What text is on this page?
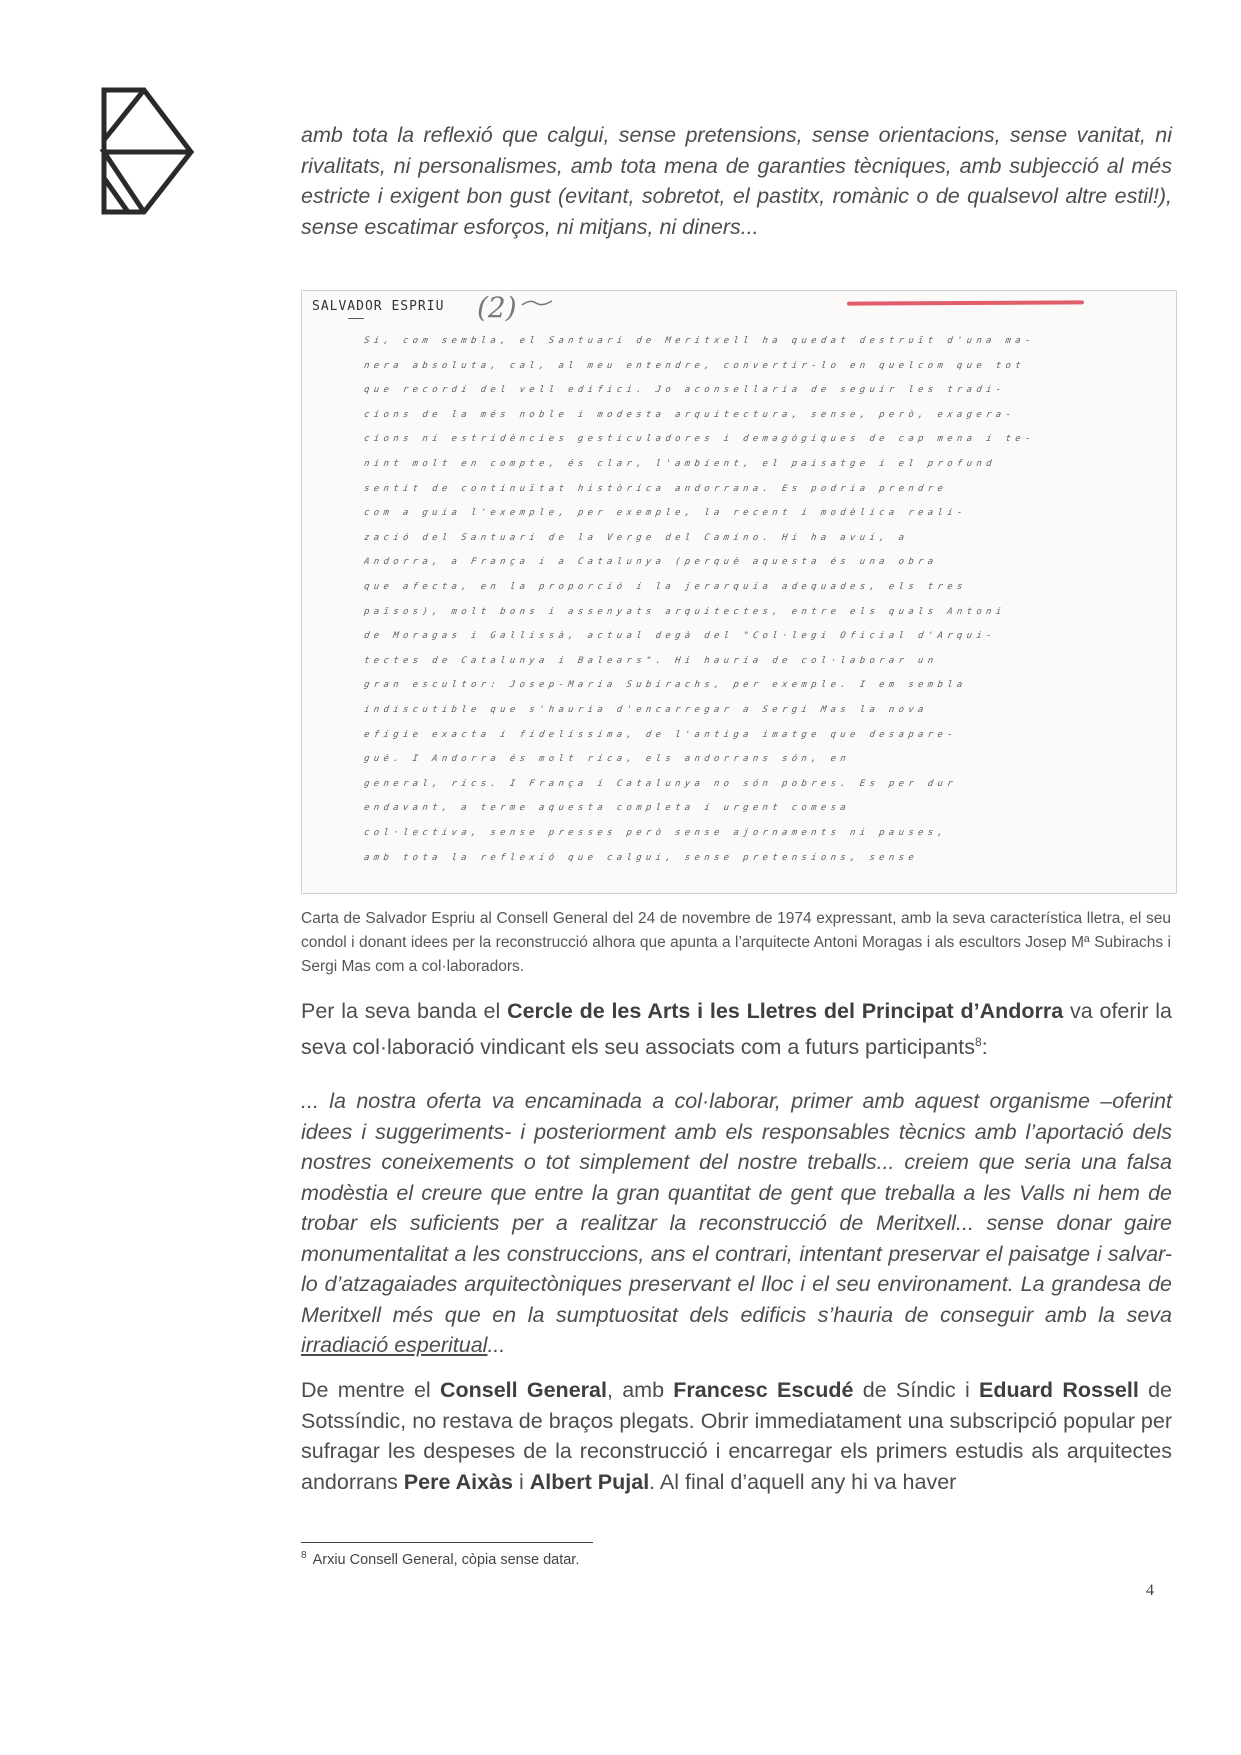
amb tota la reflexió que calgui, sense pretensions, sense orientacions, sense vanitat, ni rivalitats, ni personalismes, amb tota mena de garanties tècniques, amb subjecció al més estricte i exigent bon gust (evitant, sobretot, el pastitx, romànic o de qualsevol altre estil!), sense escatimar esforços, ni mitjans, ni diners...

SALVADOR ESPRIU (2)
Si, com sembla, el Santuari de Meritxell ha quedat destruït d'una ma-
nera absoluta, cal, al meu entendre, convertir-lo en quelcom que tot
que recordi del vell edifici. Jo aconsellaria de seguir les tradi-
cions de la més noble i modesta arquitectura, sense, però, exagera-
cions ni estridències gesticuladores i demagògiques de cap mena i te-
nint molt en compte, és clar, l'ambient, el paisatge i el profund
sentit de continuïtat històrica andorrana. Es podria prendre
com a guia l'exemple, per exemple, la recent i modèlica reali-
zació del Santuari de la Verge del Camino. Hi ha avui, a
Andorra, a França i a Catalunya (perquè aquesta és una obra
que afecta, en la proporció i la jerarquia adequades, els tres
països), molt bons i assenyats arquitectes, entre els quals Antoni
de Moragas i Gallissà, actual degà del "Col·legi Oficial d'Arqui-
tectes de Catalunya i Balears". Hi hauria de col·laborar un
gran escultor: Josep-Maria Subirachs, per exemple. I em sembla
indiscutible que s'hauria d'encarregar a Sergi Mas la nova
efígie exacta i fidelíssima, de l'antiga imatge que desapare-
gué. I Andorra és molt rica, els andorrans són, en
general, rics. I França i Catalunya no són pobres. És per dur
endavant, a terme aquesta completa i urgent comesa
col·lectiva, sense presses però sense ajornaments ni pauses,
amb tota la reflexió que calgui, sense pretensions, sense
Carta de Salvador Espriu al Consell General del 24 de novembre de 1974 expressant, amb la seva característica lletra, el seu condol i donant idees per la reconstrucció alhora que apunta a l’arquitecte Antoni Moragas i als escultors Josep Mª Subirachs i Sergi Mas com a col·laboradors.

Per la seva banda el Cercle de les Arts i les Lletres del Principat d’Andorra va oferir la seva col·laboració vindicant els seu associats com a futurs participants$^8$:

... la nostra oferta va encaminada a col·laborar, primer amb aquest organisme –oferint idees i suggeriments- i posteriorment amb els responsables tècnics amb l’aportació dels nostres coneixements o tot simplement del nostre treballs... creiem que seria una falsa modèstia el creure que entre la gran quantitat de gent que treballa a les Valls ni hem de trobar els suficients per a realitzar la reconstrucció de Meritxell... sense donar gaire monumentalitat a les construccions, ans el contrari, intentant preservar el paisatge i salvar-lo d’atzagaiades arquitectòniques preservant el lloc i el seu environament. La grandesa de Meritxell més que en la sumptuositat dels edificis s’hauria de conseguir amb la seva irradiació esperitual...

De mentre el Consell General, amb Francesc Escudé de Síndic i Eduard Rossell de Sotssíndic, no restava de braços plegats. Obrir immediatament una subscripció popular per sufragar les despeses de la reconstrucció i encarregar els primers estudis als arquitectes andorrans Pere Aixàs i Albert Pujal. Al final d’aquell any hi va haver

$^8$ Arxiu Consell General, còpia sense datar.
4
